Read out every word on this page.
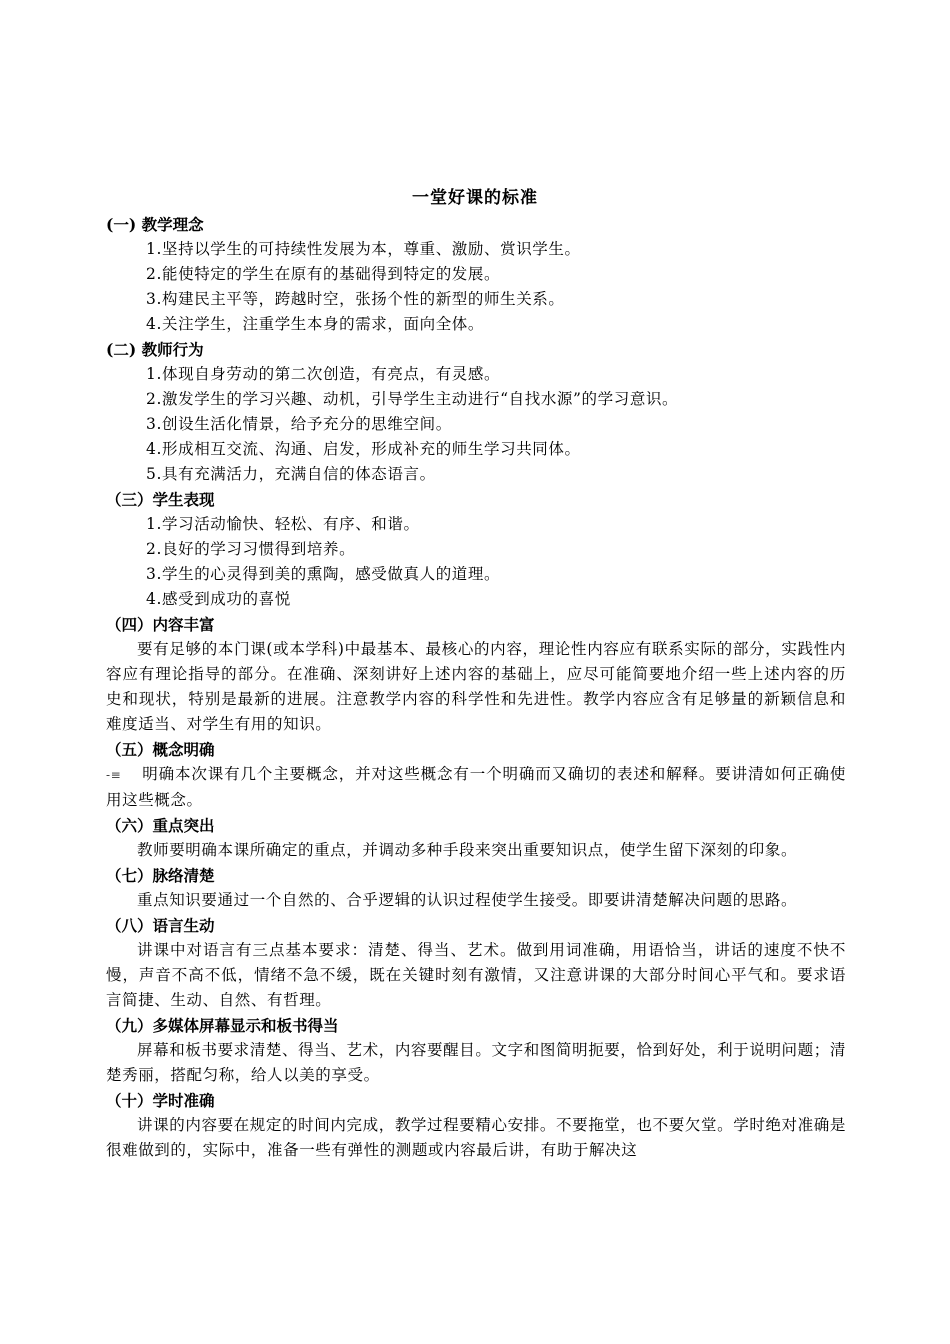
一堂好课的标准
(一) 教学理念
1.坚持以学生的可持续性发展为本，尊重、激励、赏识学生。
2.能使特定的学生在原有的基础得到特定的发展。
3.构建民主平等，跨越时空，张扬个性的新型的师生关系。
4.关注学生，注重学生本身的需求，面向全体。
(二) 教师行为
1.体现自身劳动的第二次创造，有亮点，有灵感。
2.激发学生的学习兴趣、动机，引导学生主动进行“自找水源”的学习意识。
3.创设生活化情景，给予充分的思维空间。
4.形成相互交流、沟通、启发，形成补充的师生学习共同体。
5.具有充满活力，充满自信的体态语言。
（三）学生表现
1.学习活动愉快、轻松、有序、和谐。
2.良好的学习习惯得到培养。
3.学生的心灵得到美的熏陶，感受做真人的道理。
4.感受到成功的喜悦
（四）内容丰富

要有足够的本门课(或本学科)中最基本、最核心的内容，理论性内容应有联系实际的部分，实践性内容应有理论指导的部分。在准确、深刻讲好上述内容的基础上，应尽可能简要地介绍一些上述内容的历史和现状，特别是最新的进展。注意教学内容的科学性和先进性。教学内容应含有足够量的新颖信息和难度适当、对学生有用的知识。

（五）概念明确

-≡ 明确本次课有几个主要概念，并对这些概念有一个明确而又确切的表述和解释。要讲清如何正确使用这些概念。

（六）重点突出

教师要明确本课所确定的重点，并调动多种手段来突出重要知识点，使学生留下深刻的印象。

（七）脉络清楚

重点知识要通过一个自然的、合乎逻辑的认识过程使学生接受。即要讲清楚解决问题的思路。

（八）语言生动

讲课中对语言有三点基本要求：清楚、得当、艺术。做到用词准确，用语恰当，讲话的速度不快不慢，声音不高不低，情绪不急不缓，既在关键时刻有激情，又注意讲课的大部分时间心平气和。要求语言简捷、生动、自然、有哲理。

（九）多媒体屏幕显示和板书得当

屏幕和板书要求清楚、得当、艺术，内容要醒目。文字和图简明扼要，恰到好处，利于说明问题；清楚秀丽，搭配匀称，给人以美的享受。

（十）学时准确

讲课的内容要在规定的时间内完成，教学过程要精心安排。不要拖堂，也不要欠堂。学时绝对准确是很难做到的，实际中，准备一些有弹性的测题或内容最后讲，有助于解决这
